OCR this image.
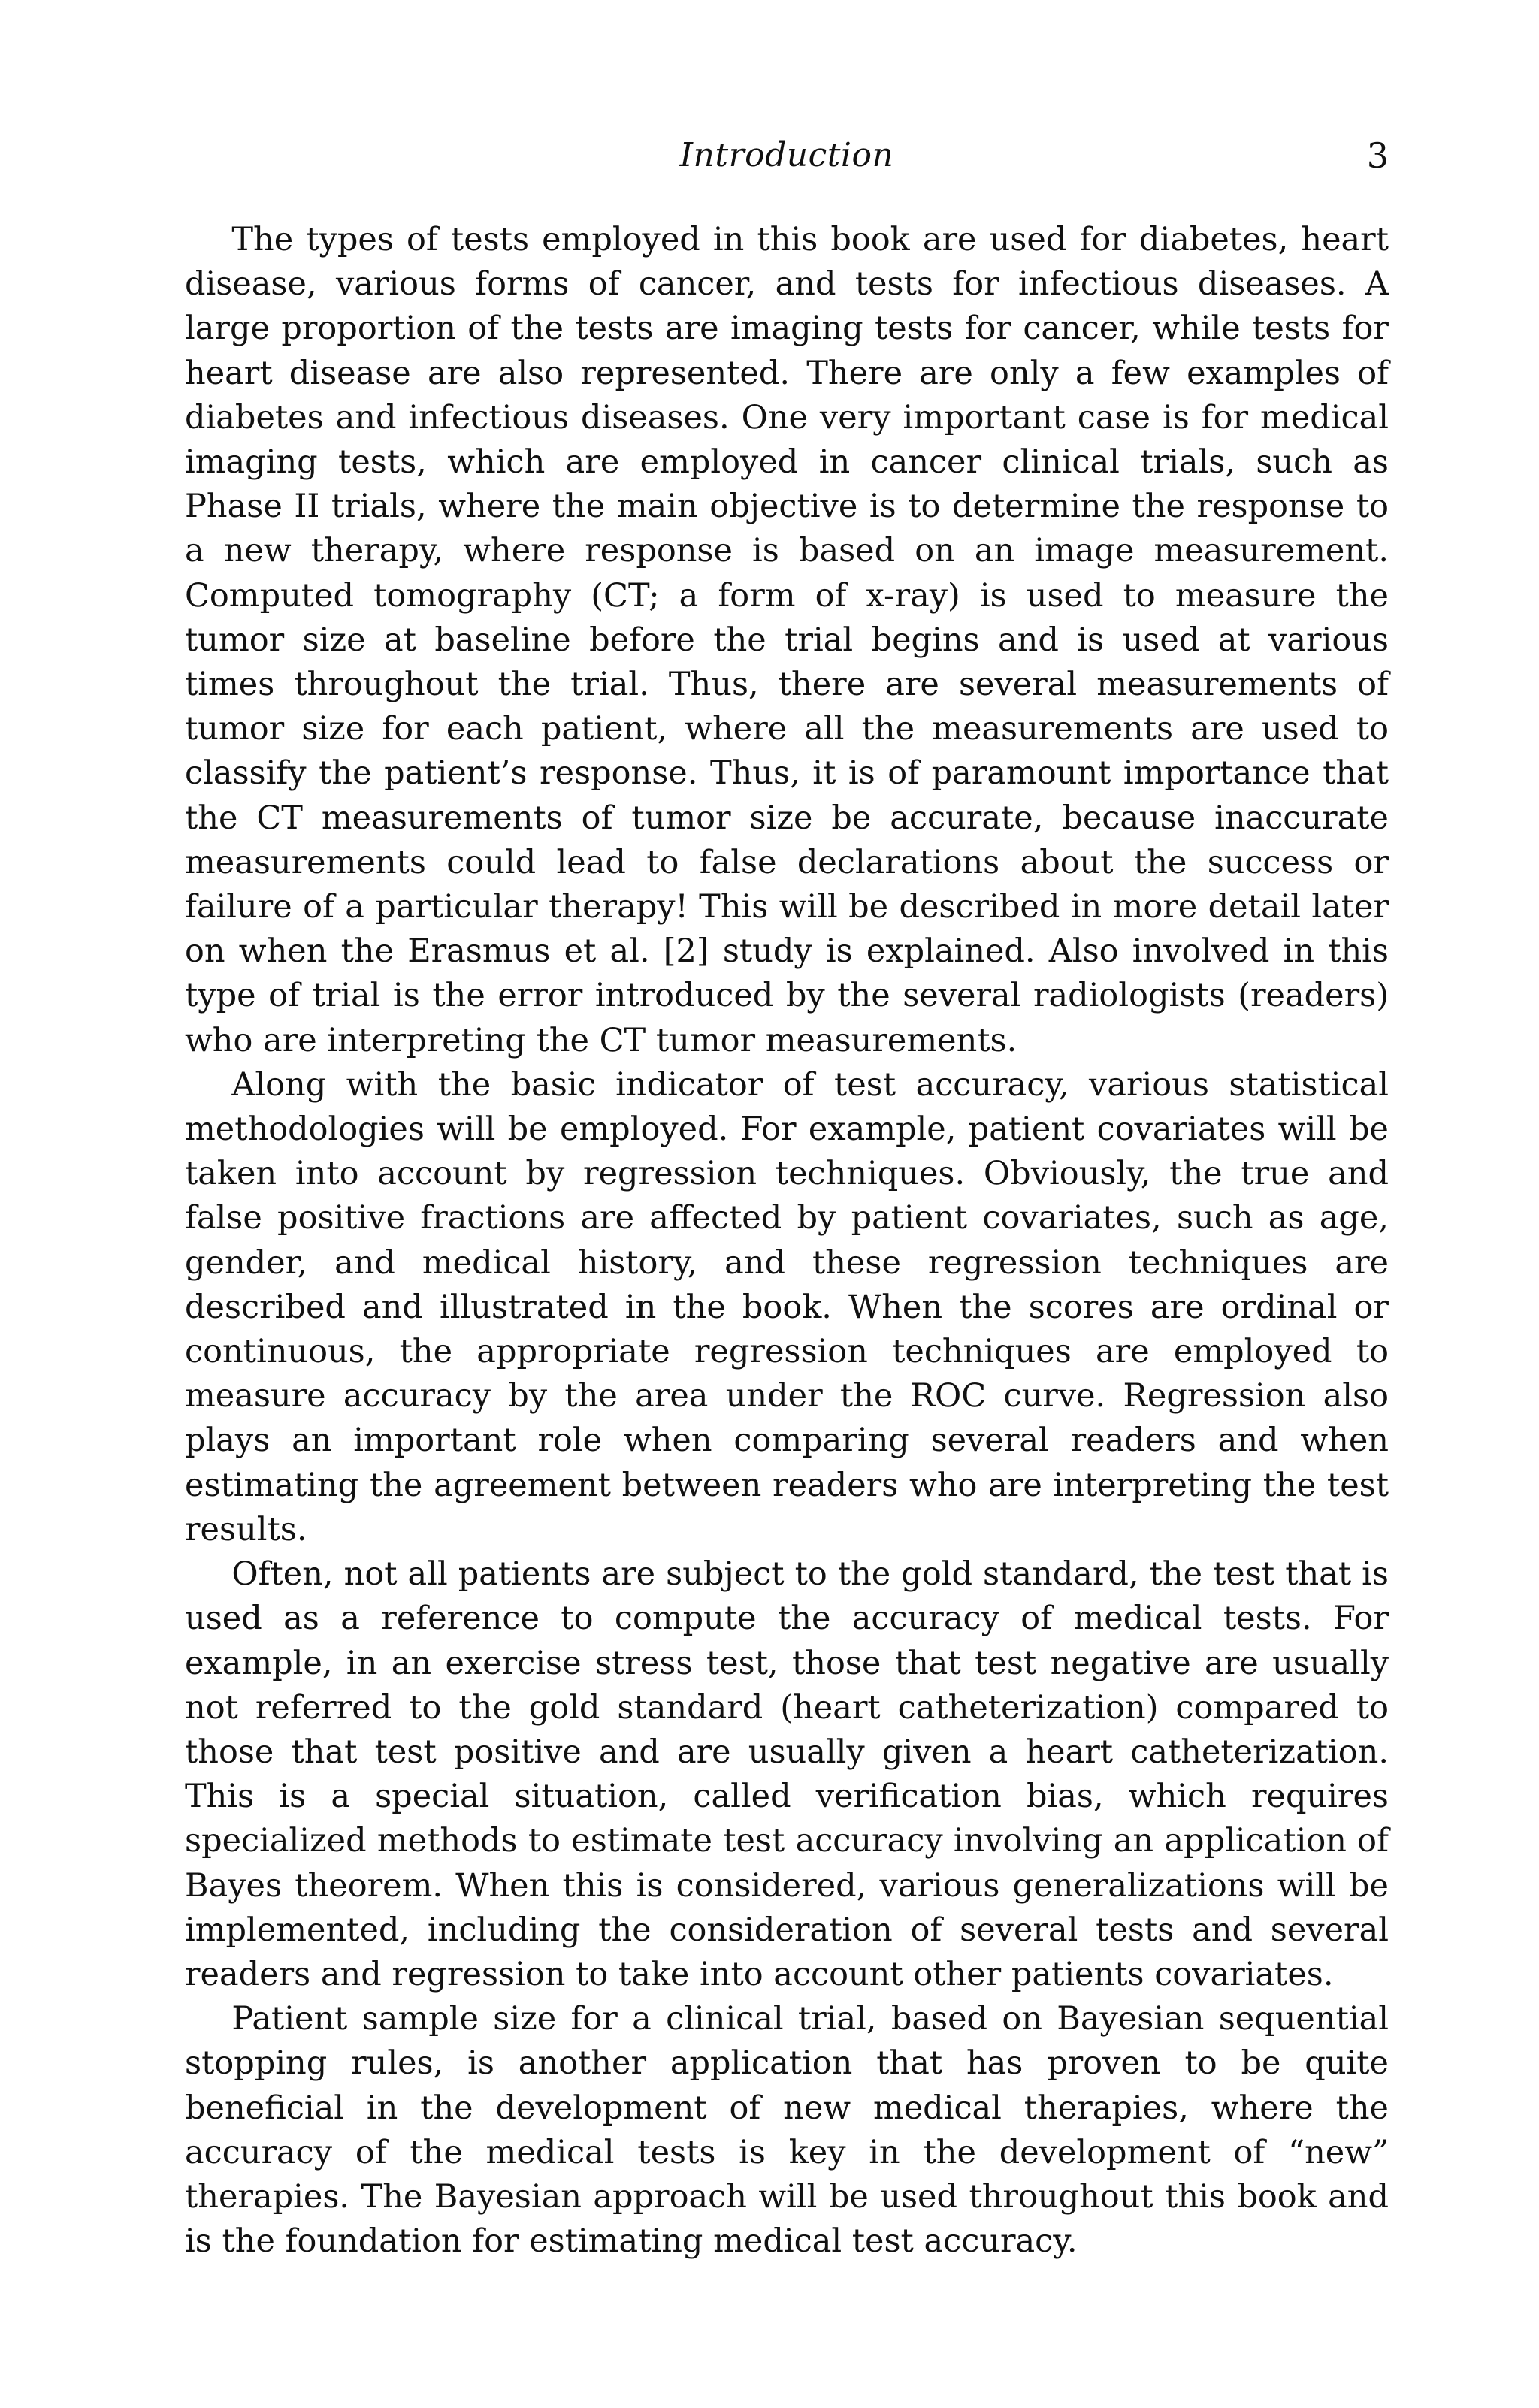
Introduction	3

The types of tests employed in this book are used for diabetes, heart disease, various forms of cancer, and tests for infectious diseases. A large proportion of the tests are imaging tests for cancer, while tests for heart disease are also represented. There are only a few examples of diabetes and infectious diseases. One very important case is for medical imaging tests, which are employed in cancer clinical trials, such as Phase II trials, where the main objective is to determine the response to a new therapy, where response is based on an image measurement. Computed tomography (CT; a form of x-ray) is used to measure the tumor size at baseline before the trial begins and is used at various times throughout the trial. Thus, there are several measurements of tumor size for each patient, where all the measurements are used to classify the patient’s response. Thus, it is of paramount importance that the CT measurements of tumor size be accurate, because inaccurate measurements could lead to false declarations about the success or failure of a particular therapy! This will be described in more detail later on when the Erasmus et al. [2] study is explained. Also involved in this type of trial is the error introduced by the several radiologists (readers) who are interpreting the CT tumor measurements.

Along with the basic indicator of test accuracy, various statistical methodologies will be employed. For example, patient covariates will be taken into account by regression techniques. Obviously, the true and false positive fractions are affected by patient covariates, such as age, gender, and medical history, and these regression techniques are described and illustrated in the book. When the scores are ordinal or continuous, the appropriate regression techniques are employed to measure accuracy by the area under the ROC curve. Regression also plays an important role when comparing several readers and when estimating the agreement between readers who are interpreting the test results.

Often, not all patients are subject to the gold standard, the test that is used as a reference to compute the accuracy of medical tests. For example, in an exercise stress test, those that test negative are usually not referred to the gold standard (heart catheterization) compared to those that test positive and are usually given a heart catheterization. This is a special situation, called verification bias, which requires specialized methods to estimate test accuracy involving an application of Bayes theorem. When this is considered, various generalizations will be implemented, including the consideration of several tests and several readers and regression to take into account other patients covariates.

Patient sample size for a clinical trial, based on Bayesian sequential stopping rules, is another application that has proven to be quite beneficial in the development of new medical therapies, where the accuracy of the medical tests is key in the development of “new” therapies. The Bayesian approach will be used throughout this book and is the foundation for estimating medical test accuracy.
